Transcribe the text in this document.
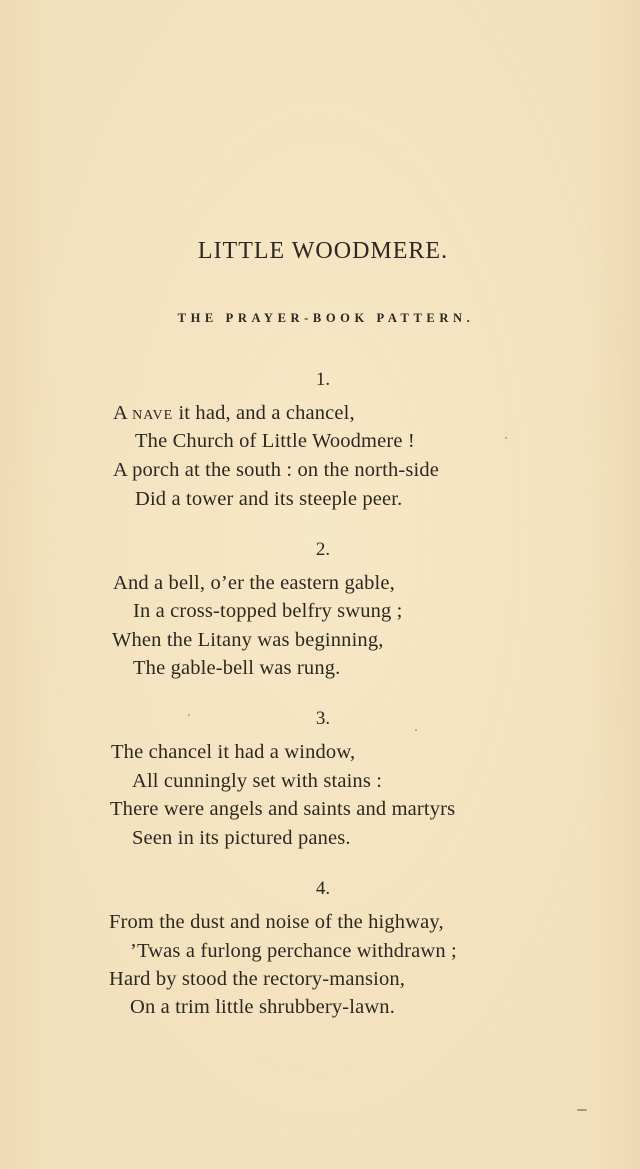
LITTLE WOODMERE.
THE PRAYER-BOOK PATTERN.
1.
A nave it had, and a chancel,
The Church of Little Woodmere !
A porch at the south : on the north-side
Did a tower and its steeple peer.
2.
And a bell, o’er the eastern gable,
In a cross-topped belfry swung ;
When the Litany was beginning,
The gable-bell was rung.
3.
The chancel it had a window,
All cunningly set with stains :
There were angels and saints and martyrs
Seen in its pictured panes.
4.
From the dust and noise of the highway,
’Twas a furlong perchance withdrawn ;
Hard by stood the rectory-mansion,
On a trim little shrubbery-lawn.
